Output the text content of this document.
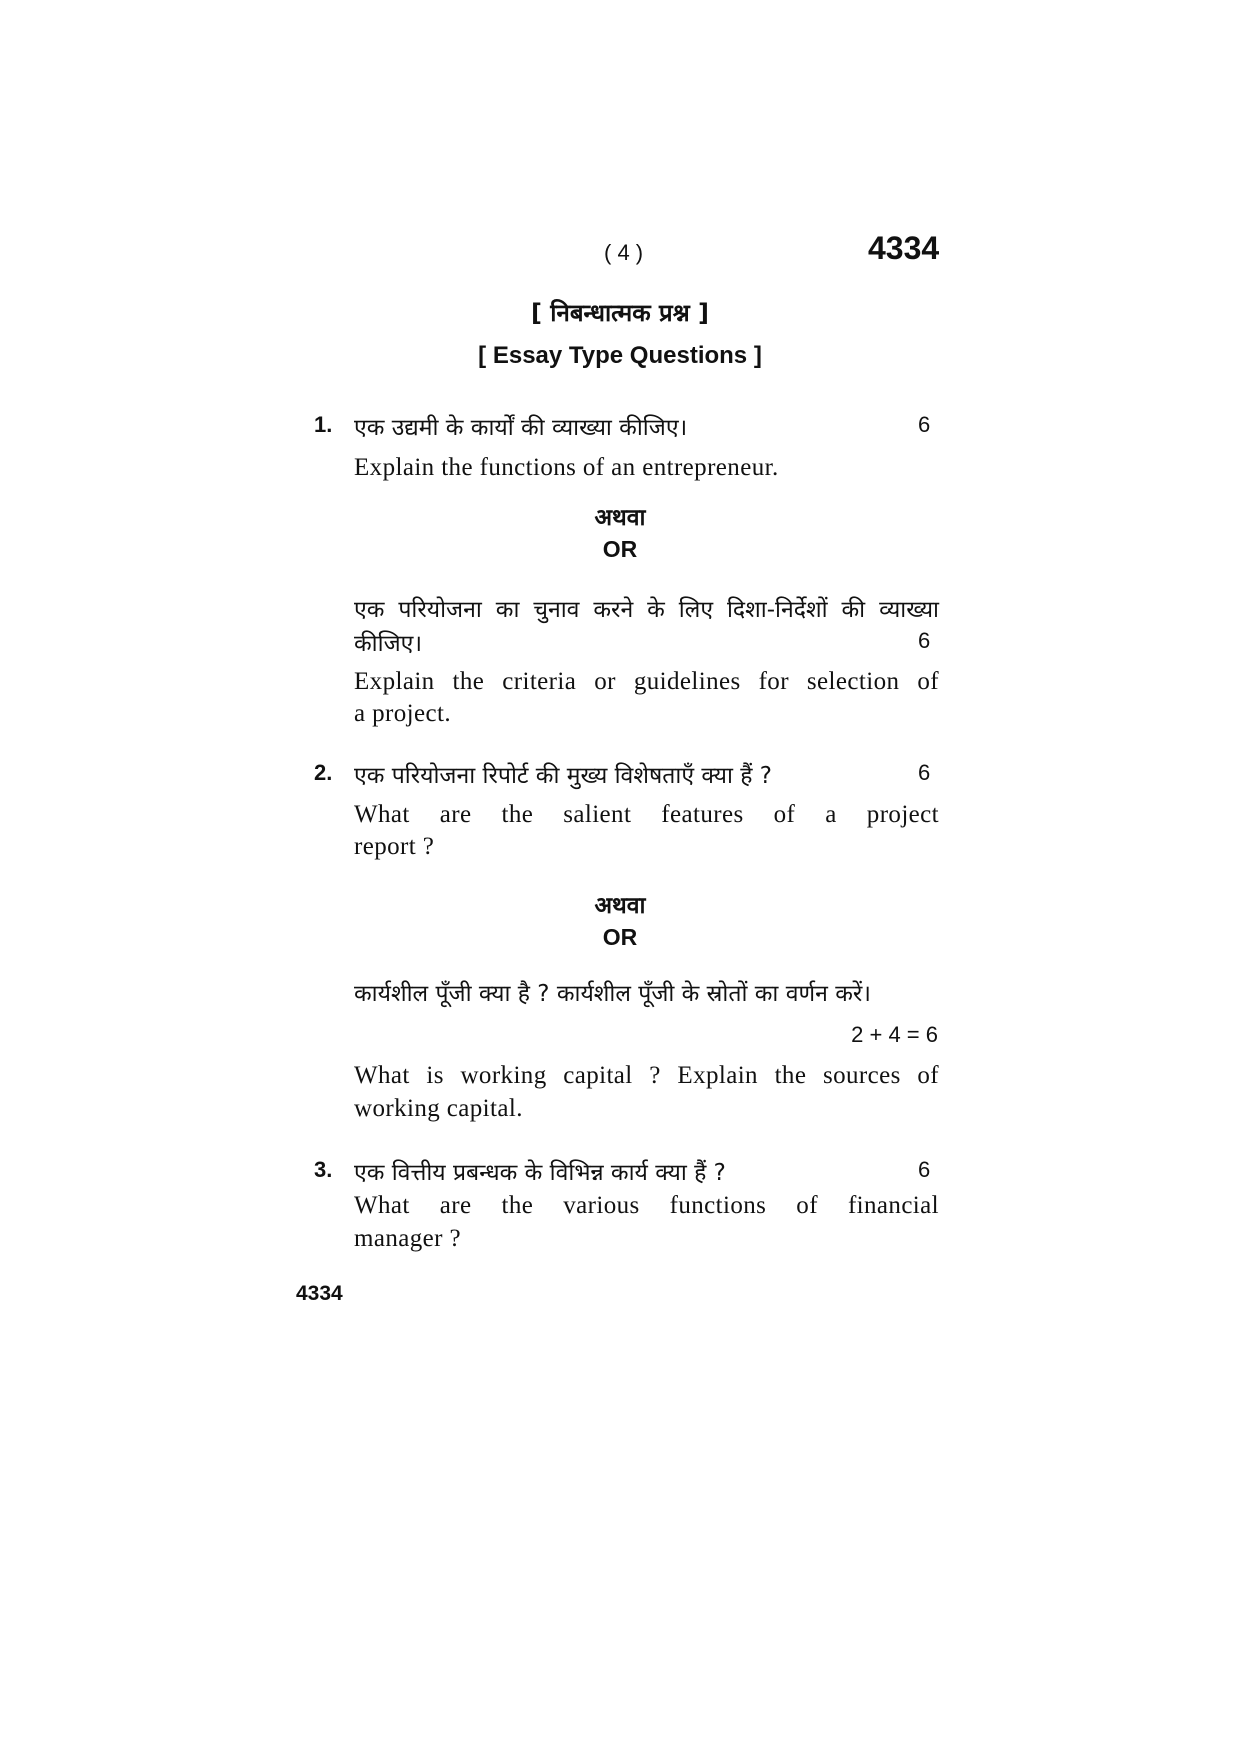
( 4 )	4334
[ निबन्धात्मक प्रश्न ]
[ Essay Type Questions ]
1. एक उद्यमी के कार्यों की व्याख्या कीजिए।	6
Explain the functions of an entrepreneur.
अथवा
OR
एक परियोजना का चुनाव करने के लिए दिशा-निर्देशों की व्याख्या
कीजिए।	6
Explain the criteria or guidelines for selection of
a project.
2. एक परियोजना रिपोर्ट की मुख्य विशेषताएँ क्या हैं ?	6
What are the salient features of a project
report ?
अथवा
OR
कार्यशील पूँजी क्या है ? कार्यशील पूँजी के स्रोतों का वर्णन करें।
2 + 4 = 6
What is working capital ? Explain the sources of
working capital.
3. एक वित्तीय प्रबन्धक के विभिन्न कार्य क्या हैं ?	6
What are the various functions of financial
manager ?
4334
